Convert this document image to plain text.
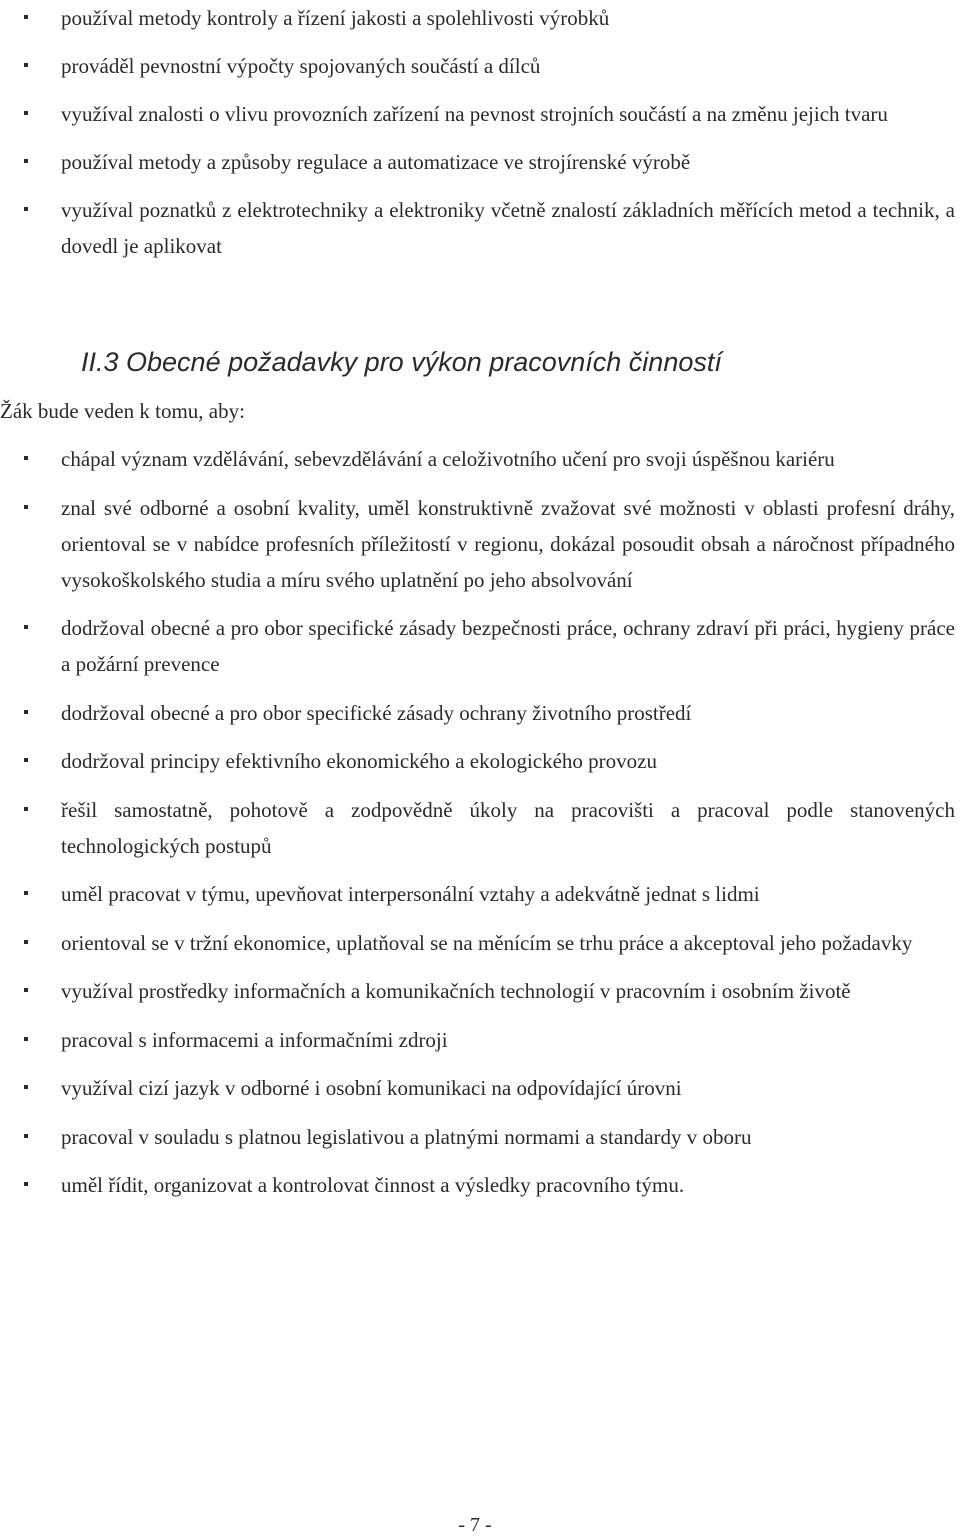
používal metody kontroly a řízení jakosti a spolehlivosti výrobků
prováděl pevnostní výpočty spojovaných součástí a dílců
využíval znalosti o vlivu provozních zařízení na pevnost strojních součástí a na změnu jejich tvaru
používal metody a způsoby regulace a automatizace ve strojírenské výrobě
využíval poznatků z elektrotechniky a elektroniky včetně znalostí základních měřících metod a technik, a dovedl je aplikovat
II.3 Obecné požadavky pro výkon pracovních činností

Žák bude veden k tomu, aby:

chápal význam vzdělávání, sebevzdělávání a celoživotního učení pro svoji úspěšnou kariéru
znal své odborné a osobní kvality, uměl konstruktivně zvažovat své možnosti v oblasti profesní dráhy, orientoval se v nabídce profesních příležitostí v regionu, dokázal posoudit obsah a náročnost případného vysokoškolského studia a míru svého uplatnění po jeho absolvování
dodržoval obecné a pro obor specifické zásady bezpečnosti práce, ochrany zdraví při práci, hygieny práce a požární prevence
dodržoval obecné a pro obor specifické zásady ochrany životního prostředí
dodržoval principy efektivního ekonomického a ekologického provozu
řešil samostatně, pohotově a zodpovědně úkoly na pracovišti a pracoval podle stanovených technologických postupů
uměl pracovat v týmu, upevňovat interpersonální vztahy a adekvátně jednat s lidmi
orientoval se v tržní ekonomice, uplatňoval se na měnícím se trhu práce a akceptoval jeho požadavky
využíval prostředky informačních a komunikačních technologií v pracovním i osobním životě
pracoval s informacemi a informačními zdroji
využíval cizí jazyk v odborné i osobní komunikaci na odpovídající úrovni
pracoval v souladu s platnou legislativou a platnými normami a standardy v oboru
uměl řídit, organizovat a kontrolovat činnost a výsledky pracovního týmu.
- 7 -
